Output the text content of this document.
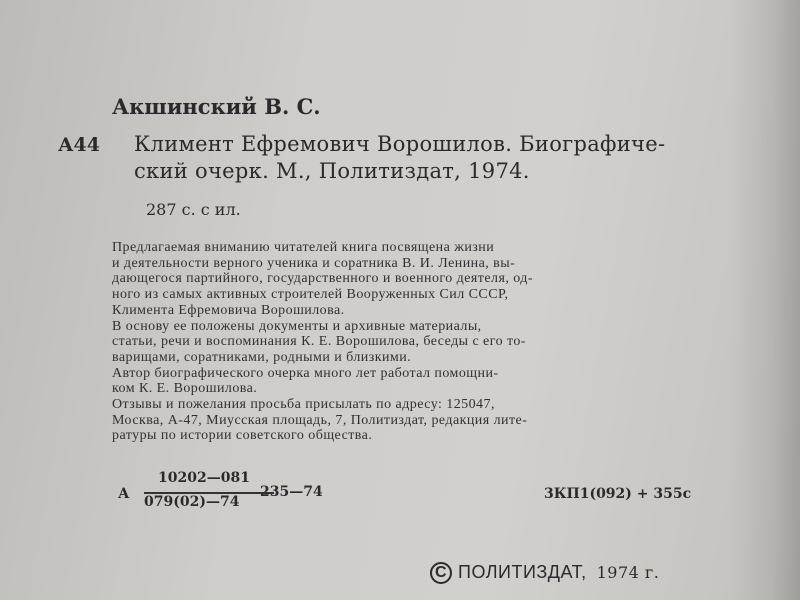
Акшинский В. С.
А44 Климент Ефремович Ворошилов. Биографиче-
ский очерк. М., Политиздат, 1974.
287 с. с ил.
Предлагаемая вниманию читателей книга посвящена жизни
и деятельности верного ученика и соратника В. И. Ленина, вы-
дающегося партийного, государственного и военного деятеля, од-
ного из самых активных строителей Вооруженных Сил СССР,
Климента Ефремовича Ворошилова.
В основу ее положены документы и архивные материалы,
статьи, речи и воспоминания К. Е. Ворошилова, беседы с его то-
варищами, соратниками, родными и близкими.
Автор биографического очерка много лет работал помощни-
ком К. Е. Ворошилова.
Отзывы и пожелания просьба присылать по адресу: 125047,
Москва, А-47, Миусская площадь, 7, Политиздат, редакция лите-
ратуры по истории советского общества.
А
10202—081
079(02)—74
235—74	3КП1(092) + 355с
C ПОЛИТИЗДАТ, 1974 г.
